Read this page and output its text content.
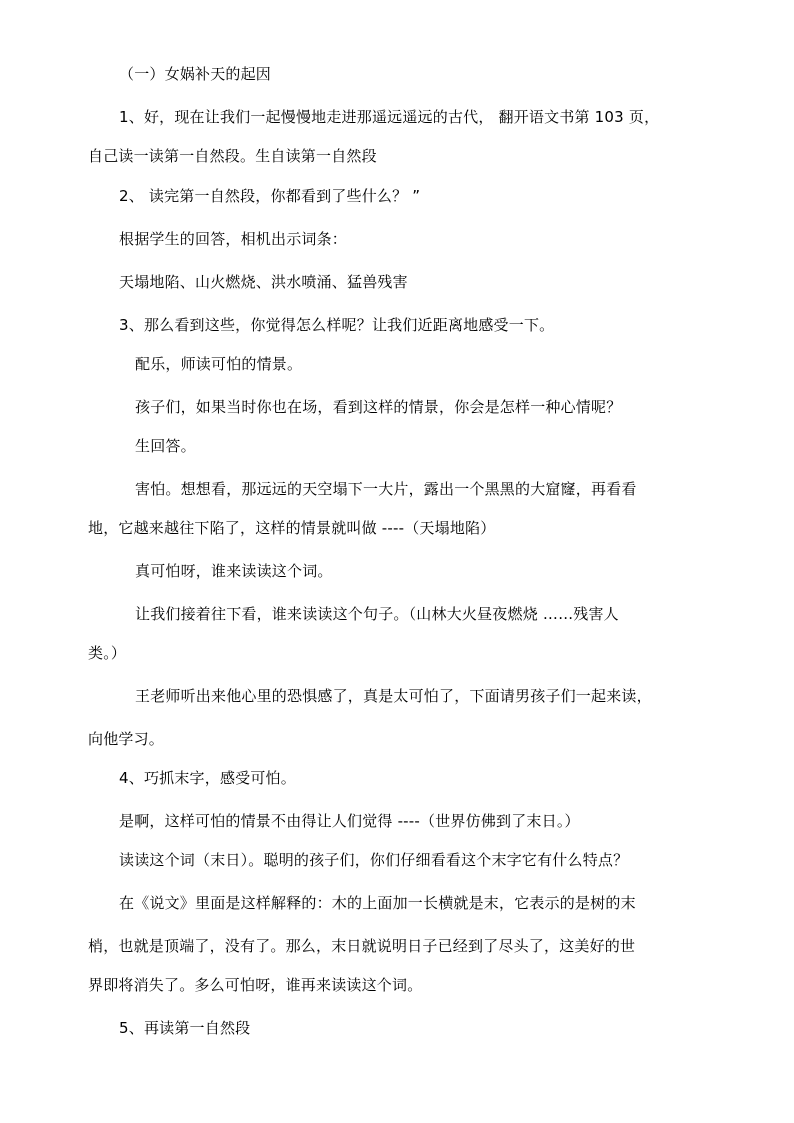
（一）女娲补天的起因
1、好，现在让我们一起慢慢地走进那遥远遥远的古代， 翻开语文书第 103 页，
自己读一读第一自然段。生自读第一自然段
2、 读完第一自然段，你都看到了些什么？ ”
根据学生的回答，相机出示词条：
天塌地陷、山火燃烧、洪水喷涌、猛兽残害
3、那么看到这些，你觉得怎么样呢？让我们近距离地感受一下。
配乐，师读可怕的情景。
孩子们，如果当时你也在场，看到这样的情景，你会是怎样一种心情呢？
生回答。
害怕。想想看，那远远的天空塌下一大片，露出一个黑黑的大窟窿，再看看
地，它越来越往下陷了，这样的情景就叫做 ----（天塌地陷）
真可怕呀，谁来读读这个词。
让我们接着往下看，谁来读读这个句子。（山林大火昼夜燃烧 ……残害人
类。）
王老师听出来他心里的恐惧感了，真是太可怕了，下面请男孩子们一起来读，
向他学习。
4、巧抓末字，感受可怕。
是啊，这样可怕的情景不由得让人们觉得 ----（世界仿佛到了末日。）
读读这个词（末日）。聪明的孩子们，你们仔细看看这个末字它有什么特点？
在《说文》里面是这样解释的：木的上面加一长横就是末，它表示的是树的末
梢，也就是顶端了，没有了。那么，末日就说明日子已经到了尽头了，这美好的世
界即将消失了。多么可怕呀，谁再来读读这个词。
5、再读第一自然段
